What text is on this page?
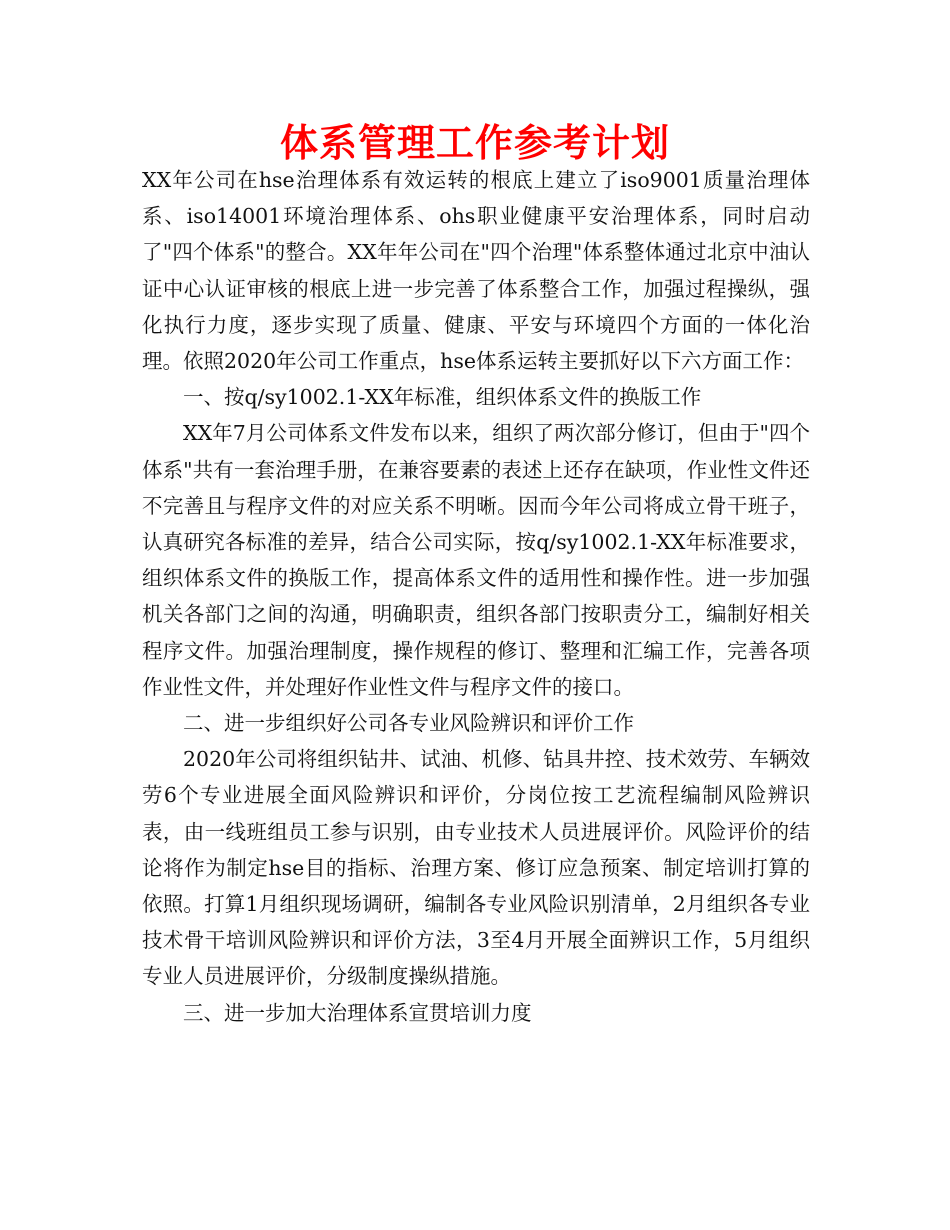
体系管理工作参考计划

XX年公司在hse治理体系有效运转的根底上建立了iso9001质量治理体系、iso14001环境治理体系、ohs职业健康平安治理体系，同时启动了"四个体系"的整合。XX年年公司在"四个治理"体系整体通过北京中油认证中心认证审核的根底上进一步完善了体系整合工作，加强过程操纵，强化执行力度，逐步实现了质量、健康、平安与环境四个方面的一体化治理。依照2020年公司工作重点，hse体系运转主要抓好以下六方面工作：

一、按q/sy1002.1-XX年标准，组织体系文件的换版工作

XX年7月公司体系文件发布以来，组织了两次部分修订，但由于"四个体系"共有一套治理手册，在兼容要素的表述上还存在缺项，作业性文件还不完善且与程序文件的对应关系不明晰。因而今年公司将成立骨干班子，认真研究各标准的差异，结合公司实际，按q/sy1002.1-XX年标准要求，组织体系文件的换版工作，提高体系文件的适用性和操作性。进一步加强机关各部门之间的沟通，明确职责，组织各部门按职责分工，编制好相关程序文件。加强治理制度，操作规程的修订、整理和汇编工作，完善各项作业性文件，并处理好作业性文件与程序文件的接口。

二、进一步组织好公司各专业风险辨识和评价工作

2020年公司将组织钻井、试油、机修、钻具井控、技术效劳、车辆效劳6个专业进展全面风险辨识和评价，分岗位按工艺流程编制风险辨识表，由一线班组员工参与识别，由专业技术人员进展评价。风险评价的结论将作为制定hse目的指标、治理方案、修订应急预案、制定培训打算的依照。打算1月组织现场调研，编制各专业风险识别清单，2月组织各专业技术骨干培训风险辨识和评价方法，3至4月开展全面辨识工作，5月组织专业人员进展评价，分级制度操纵措施。

三、进一步加大治理体系宣贯培训力度
